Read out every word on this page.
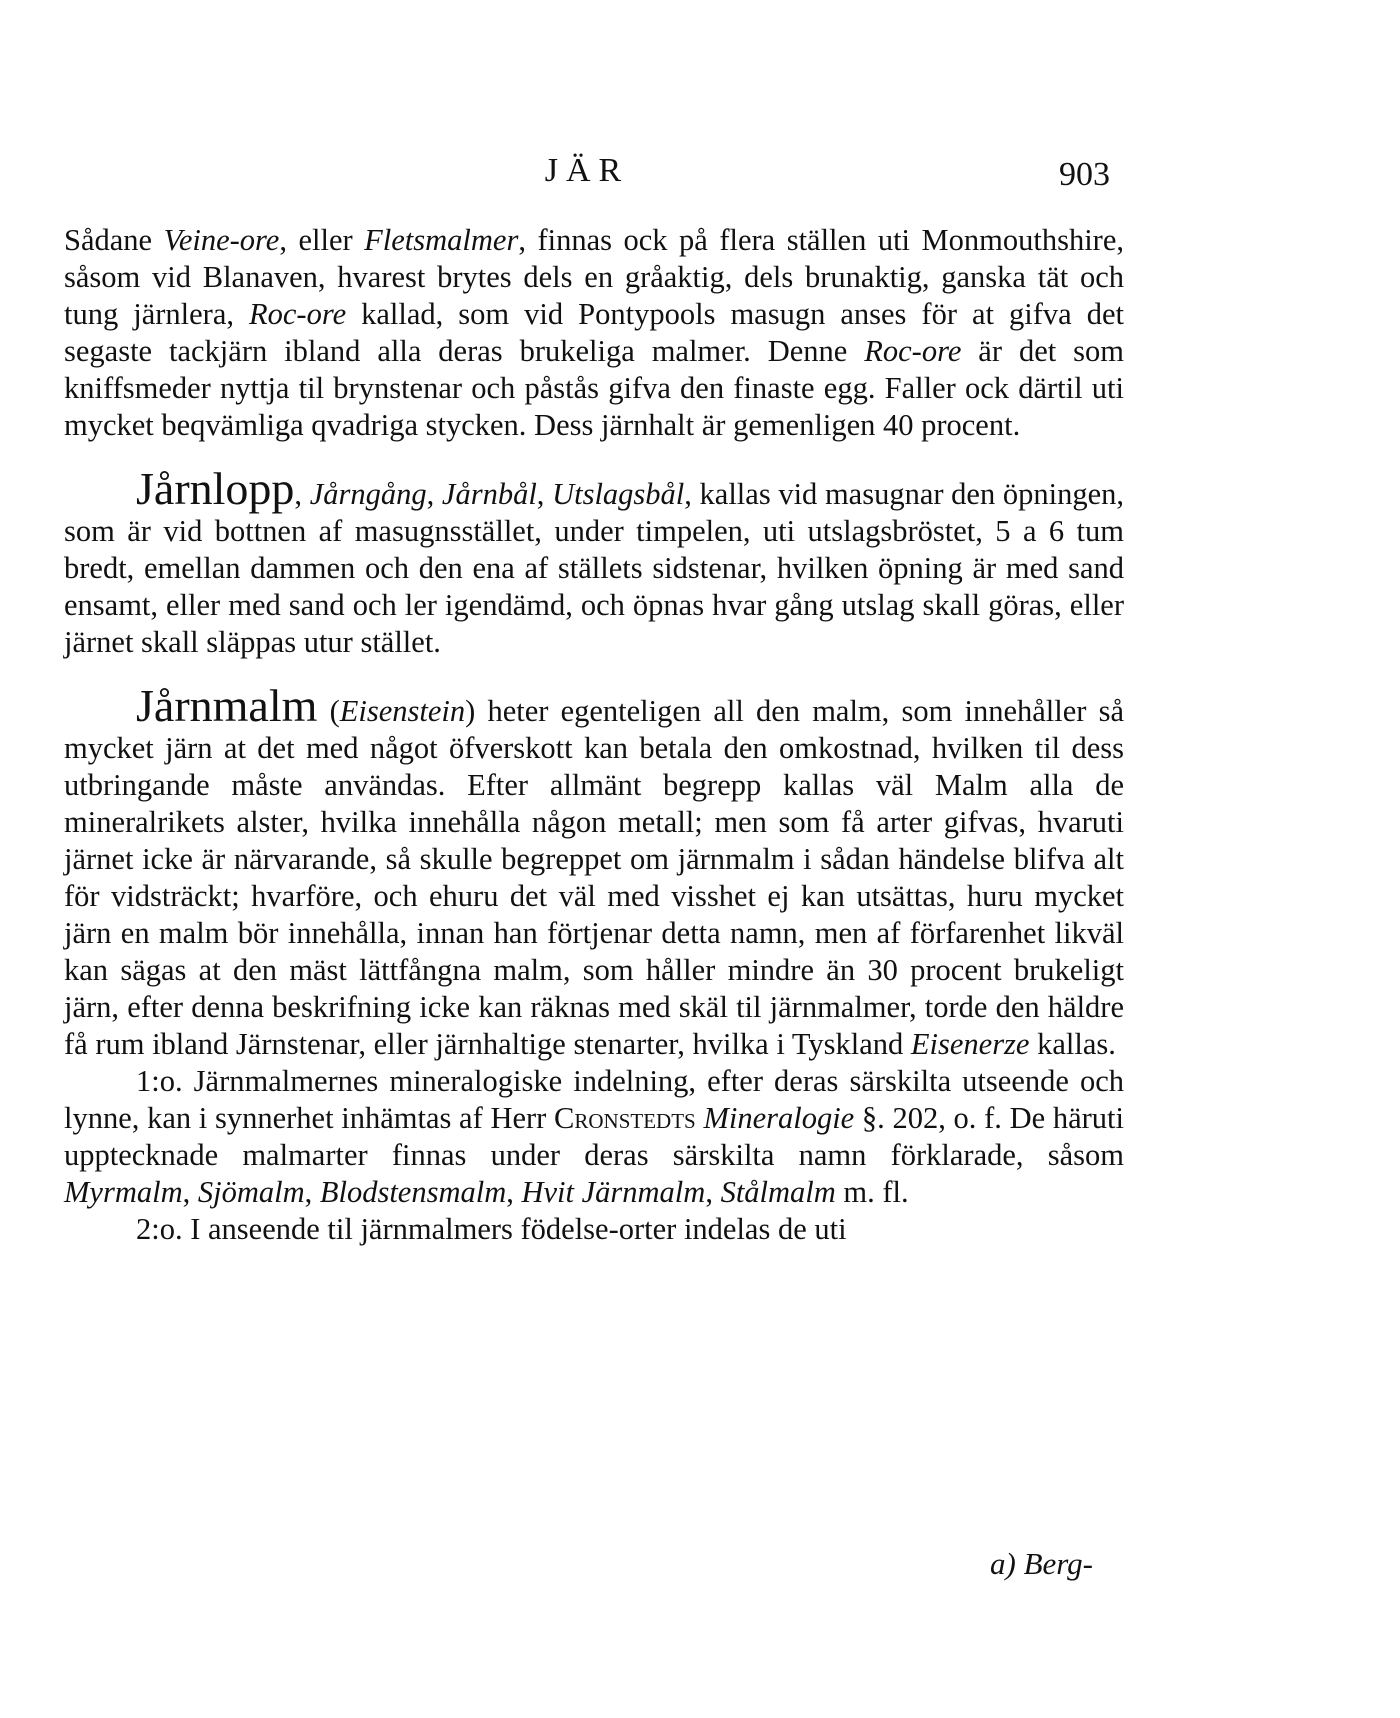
JÄR	903

Sådane Veine-ore, eller Fletsmalmer, finnas ock på flera ställen uti Monmouthshire, såsom vid Blanaven, hvarest brytes dels en gråaktig, dels brunaktig, ganska tät och tung järnlera, Roc-ore kallad, som vid Pontypools masugn anses för at gifva det segaste tackjärn ibland alla deras brukeliga malmer. Denne Roc-ore är det som kniffsmeder nyttja til brynstenar och påstås gifva den finaste egg. Faller ock därtil uti mycket beqvämliga qvadriga stycken. Dess järnhalt är gemenligen 40 procent.

Jårnlopp, Jårngång, Jårnbål, Utslagsbål, kallas vid masugnar den öpningen, som är vid bottnen af masugnsstället, under timpelen, uti utslagsbröstet, 5 a 6 tum bredt, emellan dammen och den ena af ställets sidstenar, hvilken öpning är med sand ensamt, eller med sand och ler igendämd, och öpnas hvar gång utslag skall göras, eller järnet skall släppas utur stället.

Jårnmalm (Eisenstein) heter egenteligen all den malm, som innehåller så mycket järn at det med något öfverskott kan betala den omkostnad, hvilken til dess utbringande måste användas. Efter allmänt begrepp kallas väl Malm alla de mineralrikets alster, hvilka innehålla någon metall; men som få arter gifvas, hvaruti järnet icke är närvarande, så skulle begreppet om järnmalm i sådan händelse blifva alt för vidsträckt; hvarföre, och ehuru det väl med visshet ej kan utsättas, huru mycket järn en malm bör innehålla, innan han förtjenar detta namn, men af förfarenhet likväl kan sägas at den mäst lättfångna malm, som håller mindre än 30 procent brukeligt järn, efter denna beskrifning icke kan räknas med skäl til järnmalmer, torde den häldre få rum ibland Järnstenar, eller järnhaltige stenarter, hvilka i Tyskland Eisenerze kallas.

1:o. Järnmalmernes mineralogiske indelning, efter deras särskilta utseende och lynne, kan i synnerhet inhämtas af Herr Cronstedts Mineralogie §. 202, o. f. De häruti upptecknade malmarter finnas under deras särskilta namn förklarade, såsom Myrmalm, Sjömalm, Blodstensmalm, Hvit Järnmalm, Stålmalm m. fl.

2:o. I anseende til järnmalmers födelse-orter indelas de uti

a) Berg-
